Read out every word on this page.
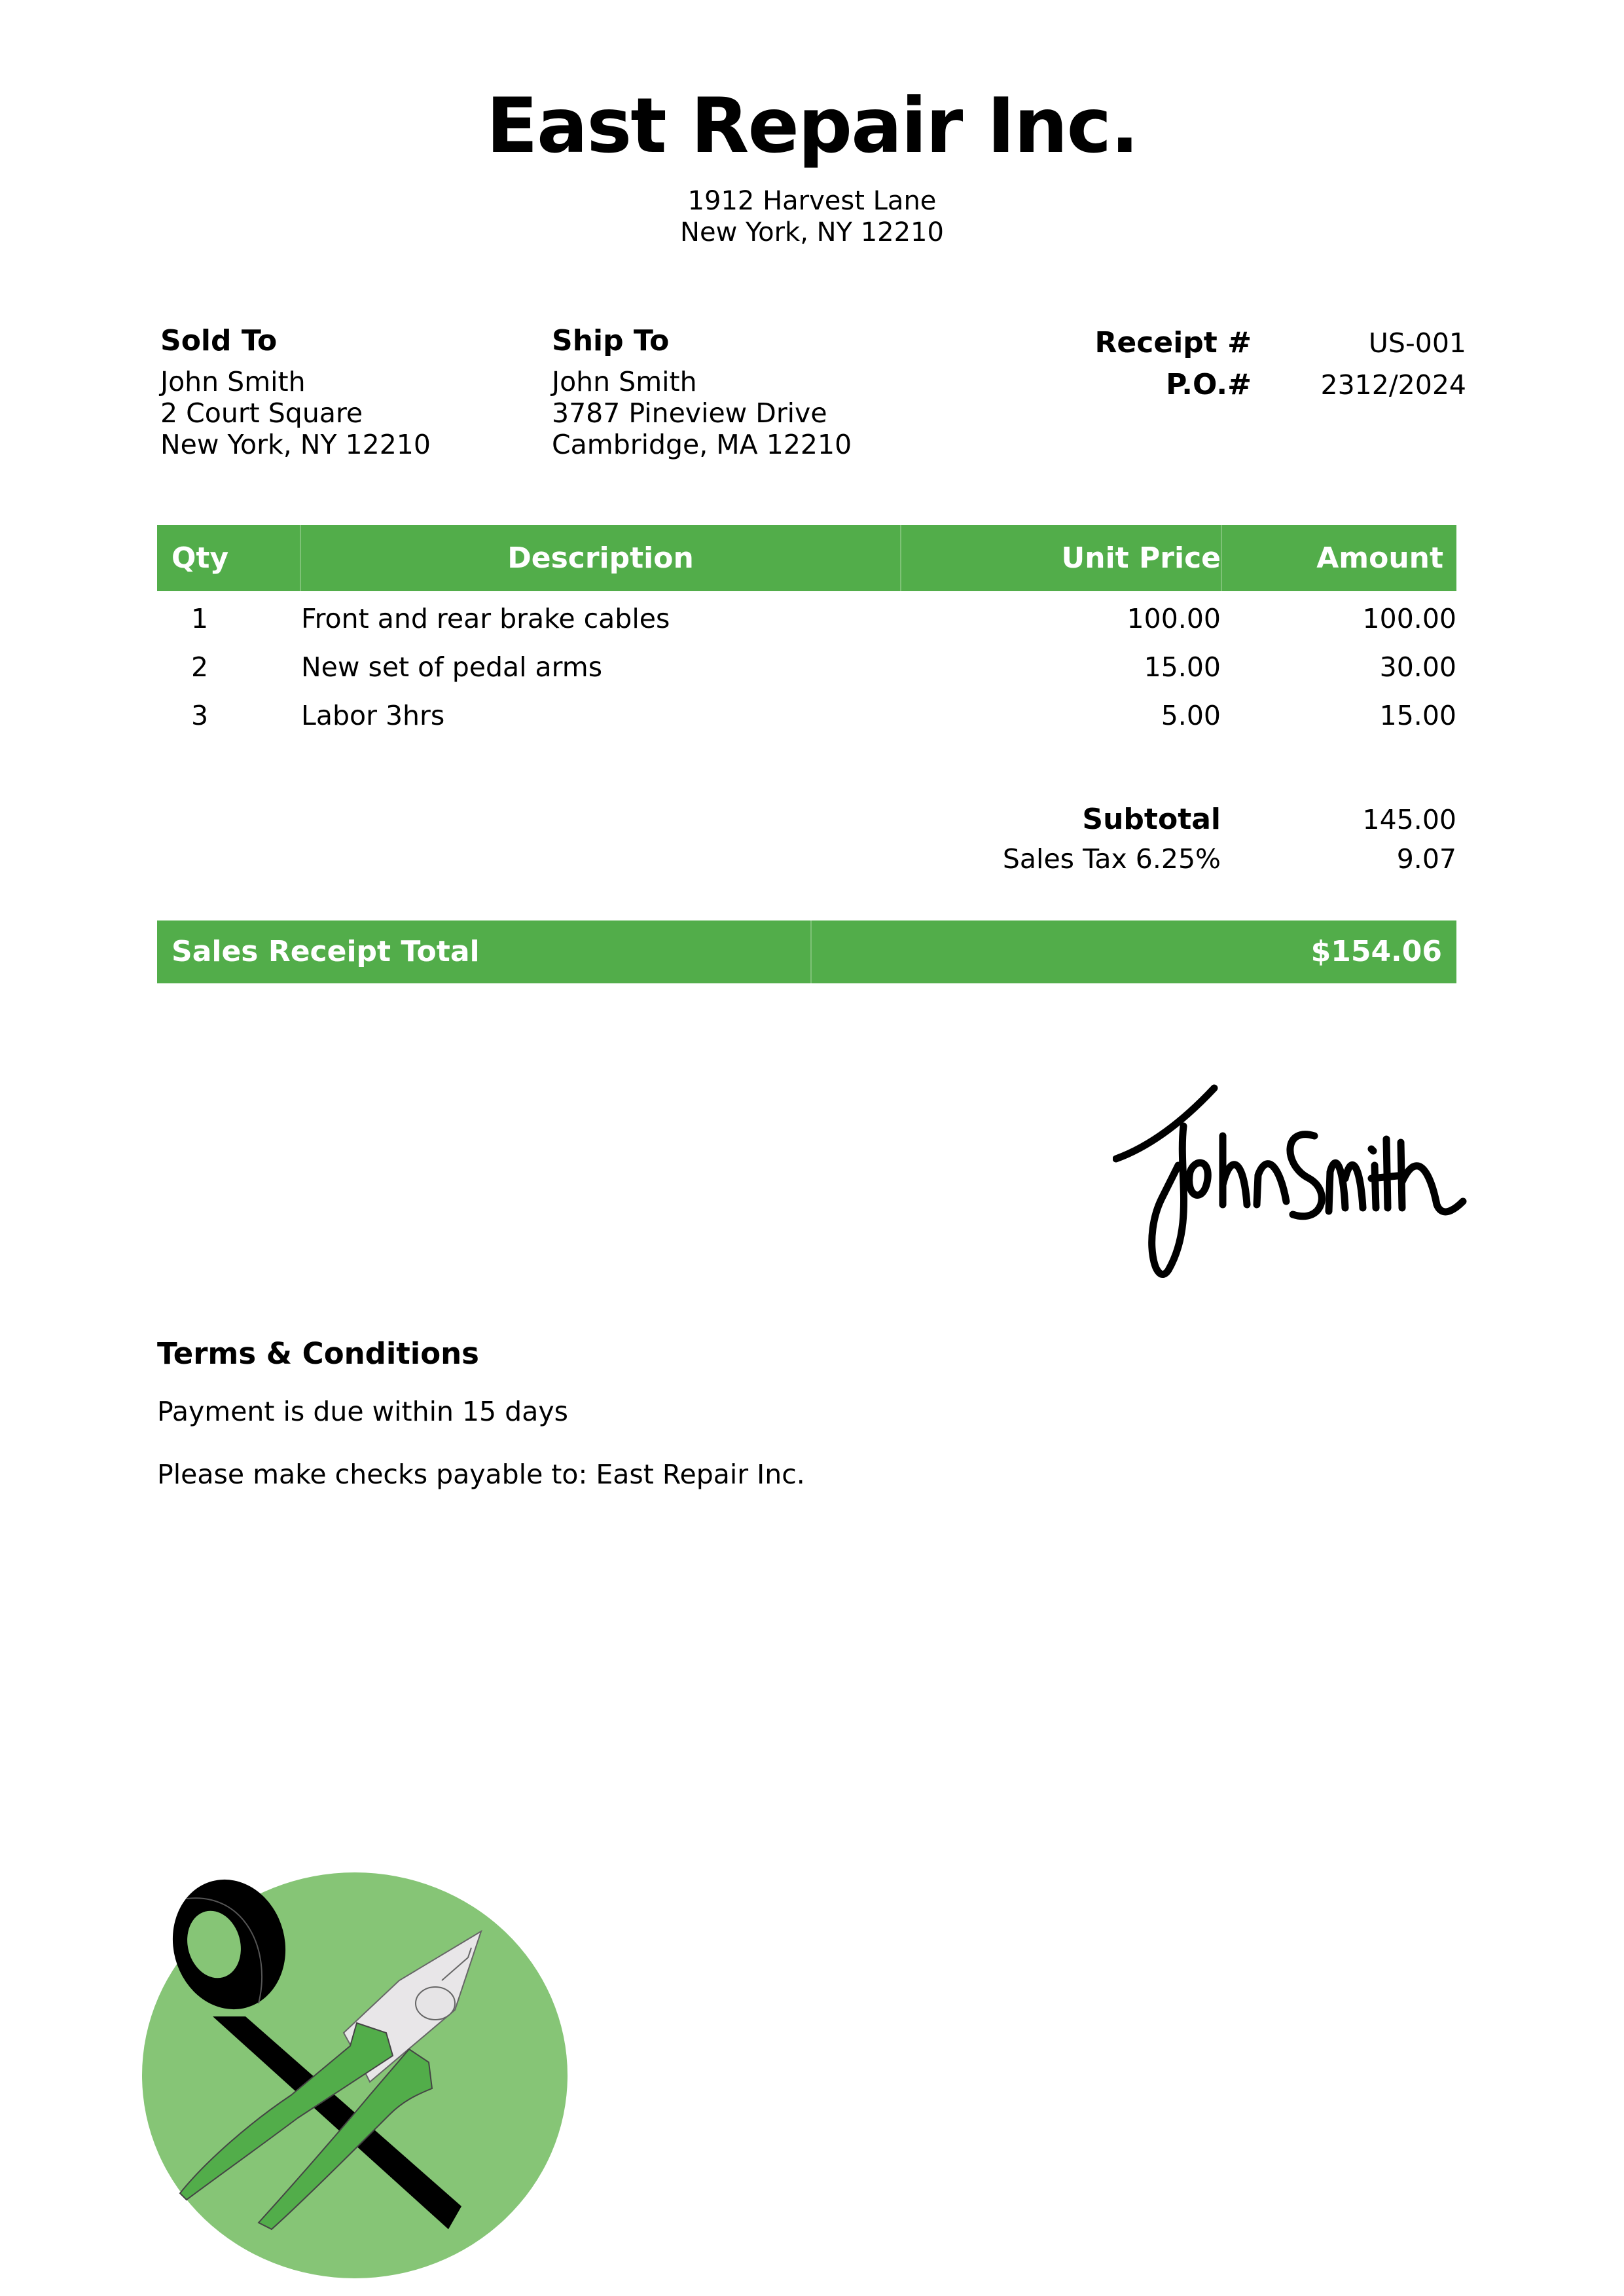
East Repair Inc.
1912 Harvest Lane
New York, NY 12210
Sold To
John Smith
2 Court Square
New York, NY 12210
Ship To
John Smith
3787 Pineview Drive
Cambridge, MA 12210
Receipt #	US-001
P.O.#	2312/2024
Qty	Description	Unit Price	Amount
1	Front and rear brake cables	100.00	100.00
2	New set of pedal arms	15.00	30.00
3	Labor 3hrs	5.00	15.00
Subtotal	145.00
Sales Tax 6.25%	9.07
Sales Receipt Total	$154.06
Terms & Conditions
Payment is due within 15 days
Please make checks payable to: East Repair Inc.
